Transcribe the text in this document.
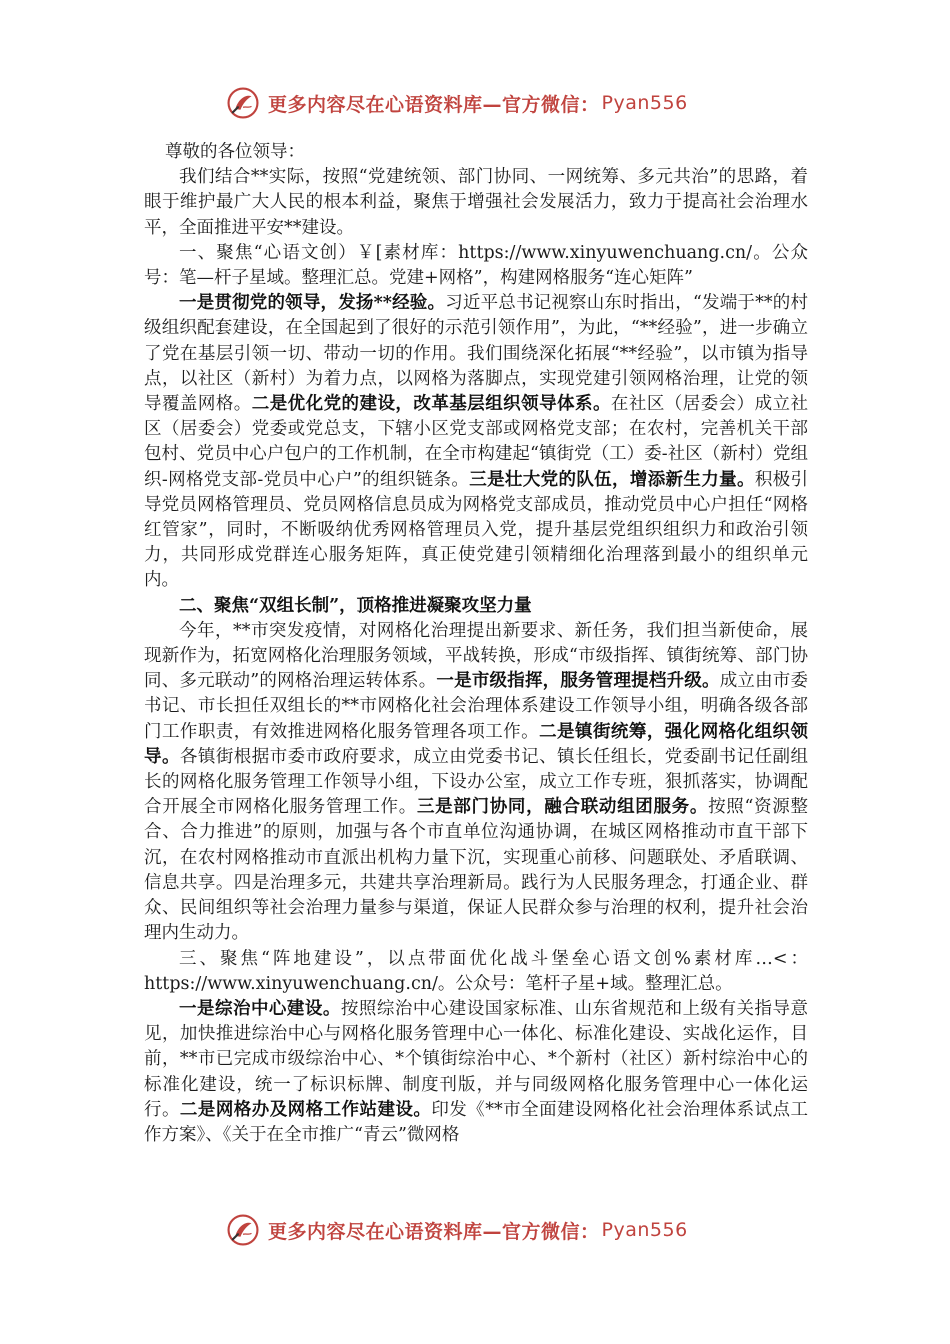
更多内容尽在心语资料库—官方微信： Pyan556

尊敬的各位领导：

我们结合**实际，按照“党建统领、部门协同、一网统筹、多元共治”的思路，着眼于维护最广大人民的根本利益，聚焦于增强社会发展活力，致力于提高社会治理水平，全面推进平安**建设。

一、聚焦“心语文创）￥[素材库：https://www.xinyuwenchuang.cn/。公众号：笔—杆子星域。整理汇总。党建+网格”，构建网格服务“连心矩阵”

一是贯彻党的领导，发扬**经验。习近平总书记视察山东时指出，“发端于**的村级组织配套建设，在全国起到了很好的示范引领作用”，为此，“**经验”，进一步确立了党在基层引领一切、带动一切的作用。我们围绕深化拓展“**经验”，以市镇为指导点，以社区（新村）为着力点，以网格为落脚点，实现党建引领网格治理，让党的领导覆盖网格。二是优化党的建设，改革基层组织领导体系。在社区（居委会）成立社区（居委会）党委或党总支，下辖小区党支部或网格党支部；在农村，完善机关干部包村、党员中心户包户的工作机制，在全市构建起“镇街党（工）委-社区（新村）党组织-网格党支部-党员中心户”的组织链条。三是壮大党的队伍，增添新生力量。积极引导党员网格管理员、党员网格信息员成为网格党支部成员，推动党员中心户担任“网格红管家”，同时，不断吸纳优秀网格管理员入党，提升基层党组织组织力和政治引领力，共同形成党群连心服务矩阵，真正使党建引领精细化治理落到最小的组织单元内。

二、聚焦“双组长制”，顶格推进凝聚攻坚力量

今年，**市突发疫情，对网格化治理提出新要求、新任务，我们担当新使命，展现新作为，拓宽网格化治理服务领域，平战转换，形成“市级指挥、镇街统筹、部门协同、多元联动”的网格治理运转体系。一是市级指挥，服务管理提档升级。成立由市委书记、市长担任双组长的**市网格化社会治理体系建设工作领导小组，明确各级各部门工作职责，有效推进网格化服务管理各项工作。二是镇街统筹，强化网格化组织领导。各镇街根据市委市政府要求，成立由党委书记、镇长任组长，党委副书记任副组长的网格化服务管理工作领导小组，下设办公室，成立工作专班，狠抓落实，协调配合开展全市网格化服务管理工作。三是部门协同，融合联动组团服务。按照“资源整合、合力推进”的原则，加强与各个市直单位沟通协调，在城区网格推动市直干部下沉，在农村网格推动市直派出机构力量下沉，实现重心前移、问题联处、矛盾联调、信息共享。四是治理多元，共建共享治理新局。践行为人民服务理念，打通企业、群众、民间组织等社会治理力量参与渠道，保证人民群众参与治理的权利，提升社会治理内生动力。

三、聚焦“阵地建设”，以点带面优化战斗堡垒心语文创%素材库…<：https://www.xinyuwenchuang.cn/。公众号：笔杆子星+域。整理汇总。

一是综治中心建设。按照综治中心建设国家标准、山东省规范和上级有关指导意见，加快推进综治中心与网格化服务管理中心一体化、标准化建设、实战化运作，目前，**市已完成市级综治中心、*个镇街综治中心、*个新村（社区）新村综治中心的标准化建设，统一了标识标牌、制度刊版，并与同级网格化服务管理中心一体化运行。二是网格办及网格工作站建设。印发《**市全面建设网格化社会治理体系试点工作方案》、《关于在全市推广“青云”微网格

更多内容尽在心语资料库—官方微信： Pyan556
